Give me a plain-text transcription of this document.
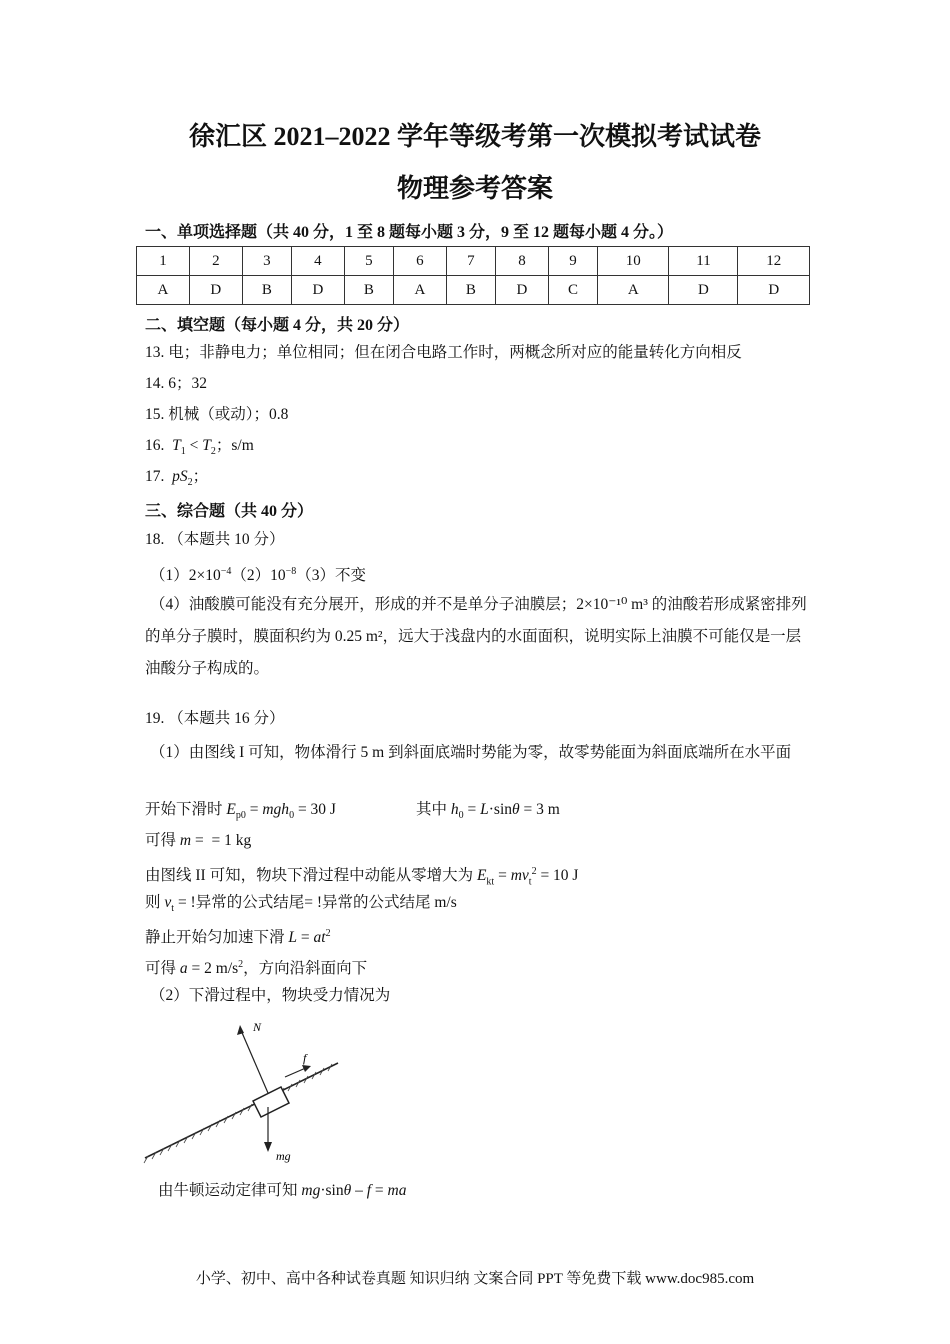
徐汇区 2021–2022 学年等级考第一次模拟考试试卷
物理参考答案
一、单项选择题（共 40 分，1 至 8 题每小题 3 分，9 至 12 题每小题 4 分。）
1	2	3	4	5	6	7	8	9	10	11	12
A	D	B	D	B	A	B	D	C	A	D	D
二、填空题（每小题 4 分，共 20 分）
13. 电；非静电力；单位相同；但在闭合电路工作时，两概念所对应的能量转化方向相反
14. 6；32
15. 机械（或动）；0.8
16. $T_1 < T_2$；s/m
17. $pS_2$；
三、综合题（共 40 分）
18. （本题共 10 分）
$(1)2\times 10^{-4}(2)10^{-8}(3)$不变
（4）油酸膜可能没有充分展开，形成的并不是单分子油膜层；2×10⁻¹⁰ m³ 的油酸若形成紧密排列的单分子膜时，膜面积约为 0.25 m²，远大于浅盘内的水面面积，说明实际上油膜不可能仅是一层油酸分子构成的。
19. （本题共 16 分）
（1）由图线 I 可知，物体滑行 5 m 到斜面底端时势能为零，故零势能面为斜面底端所在水平面
开始下滑时 $E_{p0} = mgh_0 = 30$ J	其中 $h_0 = L\cdot\sin\theta = 3$ m
可得 m =  = 1 kg
由图线 II 可知，物块下滑过程中动能从零增大为 $E_{kt} = mv_t^2 = 10$ J
则 $v_t$ = !异常的公式结尾= !异常的公式结尾 m/s
静止开始匀加速下滑 $L = at^2$
可得 a = 2 $m/s^2$，方向沿斜面向下
（2）下滑过程中，物块受力情况为
N
f
mg
由牛顿运动定律可知 mg·sinθ – f = ma
小学、初中、高中各种试卷真题 知识归纳 文案合同 PPT 等免费下载 www.doc985.com
